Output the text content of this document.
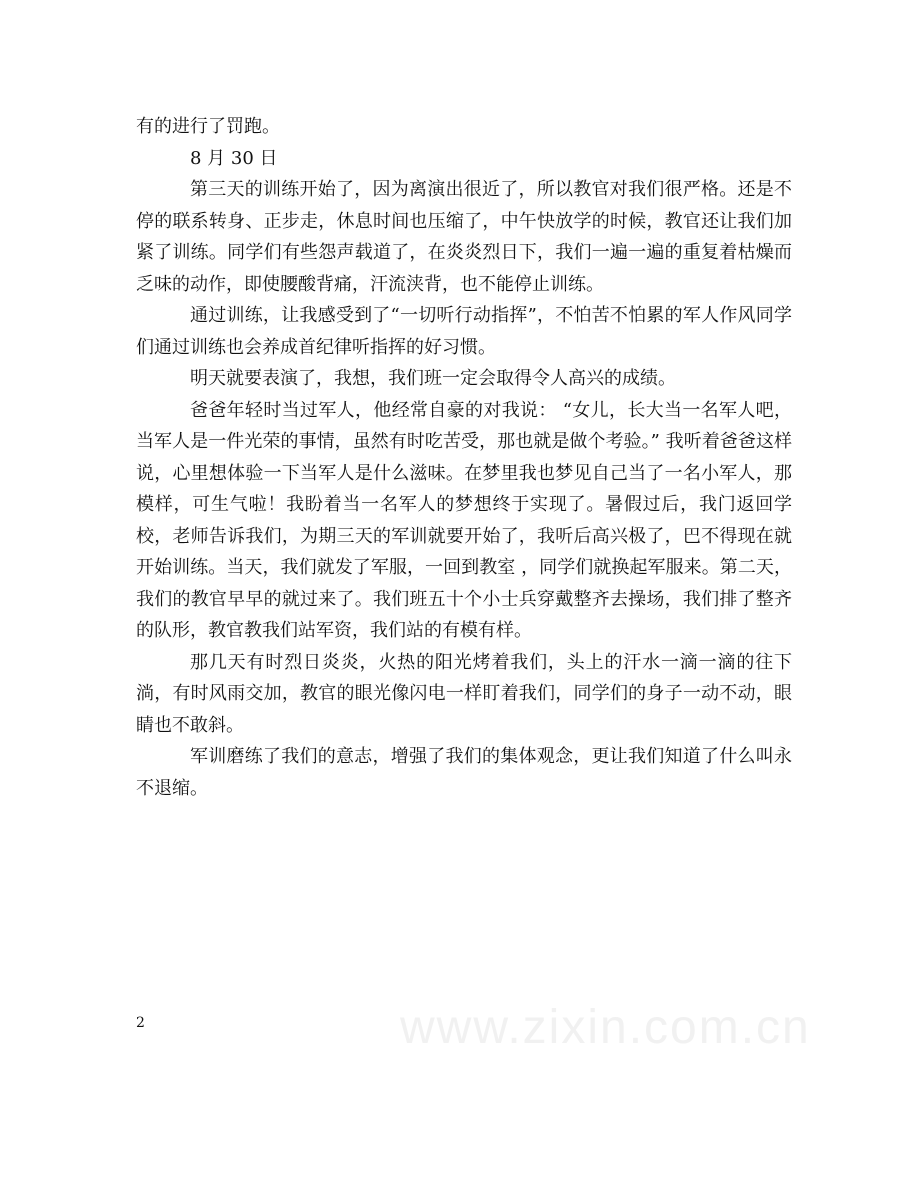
www.zixin.com.cn

有的进行了罚跑。

8 月 30 日

第三天的训练开始了，因为离演出很近了，所以教官对我们很严格。还是不停的联系转身、正步走，休息时间也压缩了，中午快放学的时候，教官还让我们加紧了训练。同学们有些怨声载道了，在炎炎烈日下，我们一遍一遍的重复着枯燥而乏味的动作，即使腰酸背痛，汗流浃背，也不能停止训练。

通过训练，让我感受到了“一切听行动指挥”，不怕苦不怕累的军人作风同学们通过训练也会养成首纪律听指挥的好习惯。

明天就要表演了，我想，我们班一定会取得令人高兴的成绩。

爸爸年轻时当过军人，他经常自豪的对我说： “女儿，长大当一名军人吧，当军人是一件光荣的事情，虽然有时吃苦受，那也就是做个考验。” 我听着爸爸这样说，心里想体验一下当军人是什么滋味。在梦里我也梦见自己当了一名小军人，那模样，可生气啦！我盼着当一名军人的梦想终于实现了。暑假过后，我门返回学校，老师告诉我们，为期三天的军训就要开始了，我听后高兴极了，巴不得现在就开始训练。当天，我们就发了军服，一回到教室 ，同学们就换起军服来。第二天，我们的教官早早的就过来了。我们班五十个小士兵穿戴整齐去操场，我们排了整齐的队形，教官教我们站军资，我们站的有模有样。

那几天有时烈日炎炎，火热的阳光烤着我们，头上的汗水一滴一滴的往下淌，有时风雨交加，教官的眼光像闪电一样盯着我们，同学们的身子一动不动，眼睛也不敢斜。

军训磨练了我们的意志，增强了我们的集体观念，更让我们知道了什么叫永不退缩。

2
